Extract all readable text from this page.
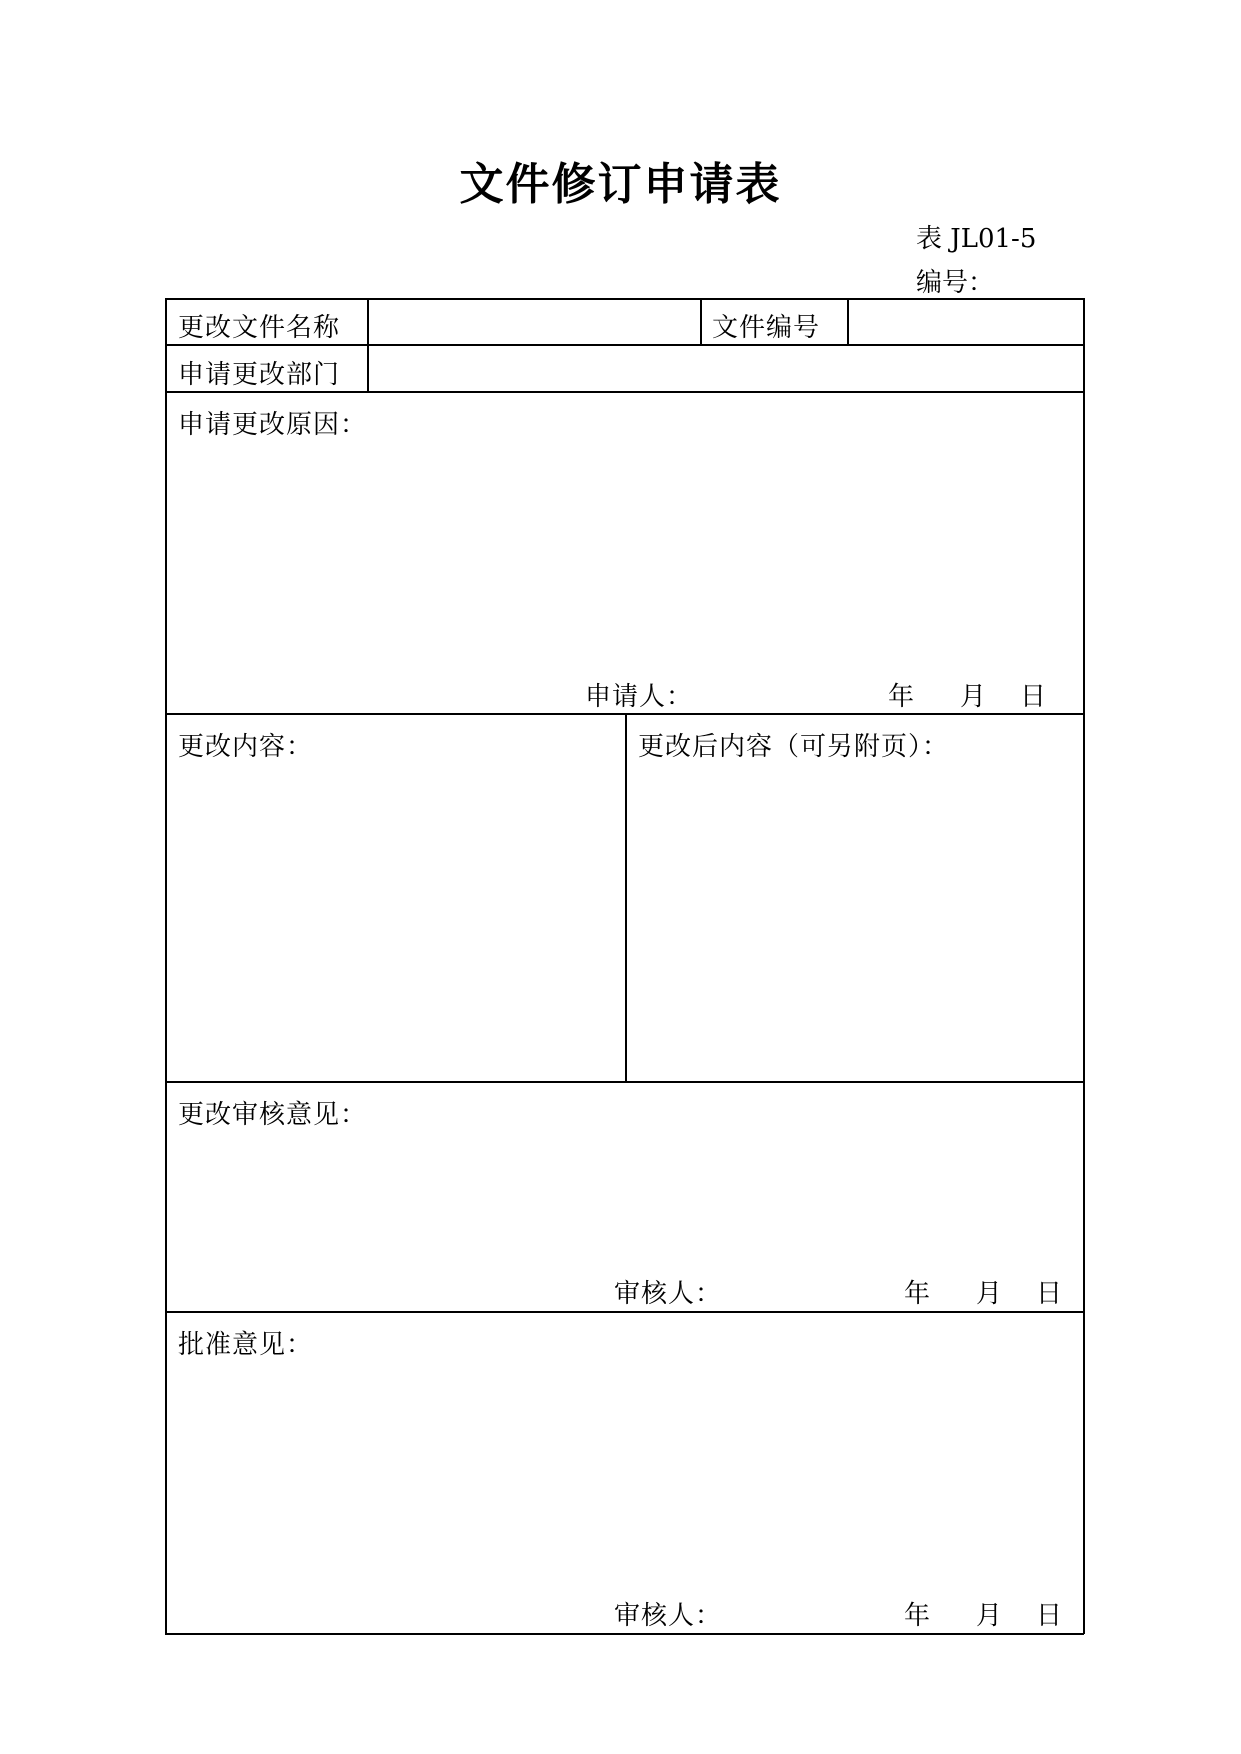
文件修订申请表
表 JL01-5
编号：
更改文件名称	文件编号
申请更改部门
申请更改原因：
申请人：	年 月 日
更改内容：	更改后内容（可另附页）：
更改审核意见：
审核人：	年 月 日
批准意见：
审核人：	年 月 日
